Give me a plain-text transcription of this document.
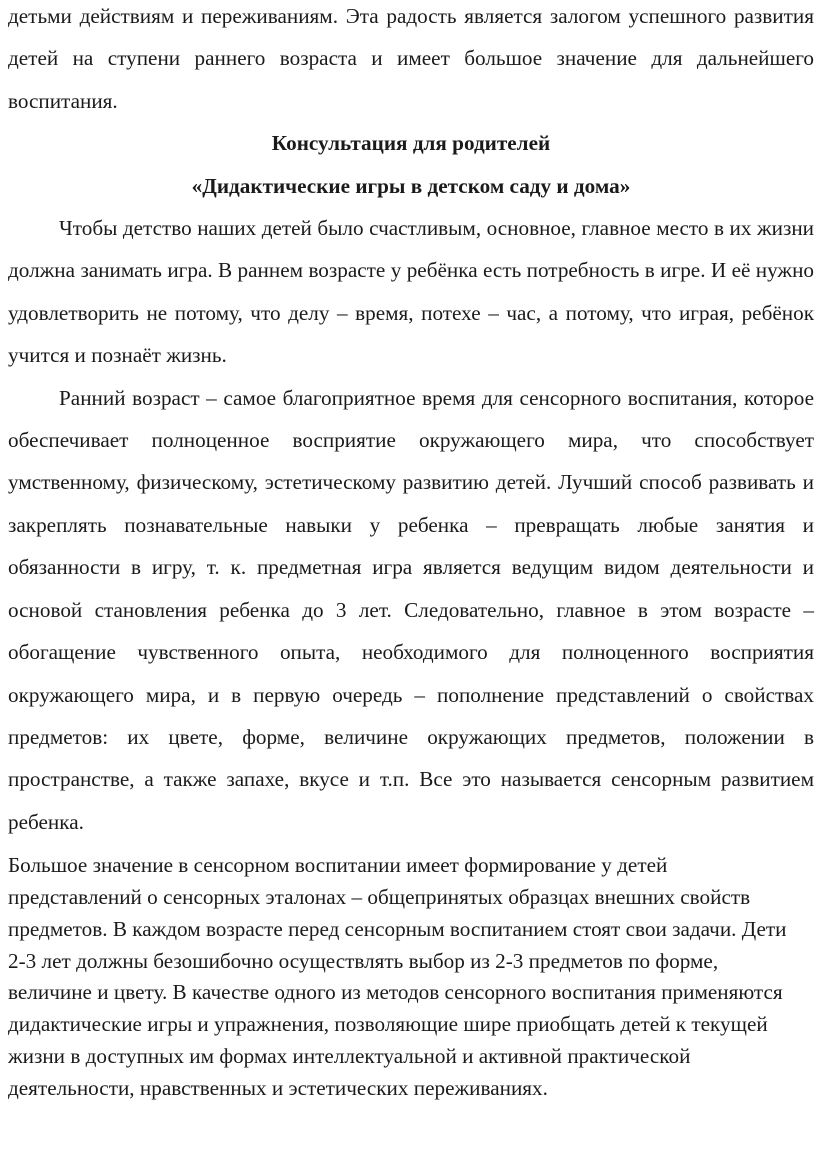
детьми действиям и переживаниям. Эта радость является залогом успешного развития детей на ступени раннего возраста и имеет большое значение для дальнейшего воспитания.

Консультация для родителей
«Дидактические игры в детском саду и дома»

Чтобы детство наших детей было счастливым, основное, главное место в их жизни должна занимать игра. В раннем возрасте у ребёнка есть потребность в игре. И её нужно удовлетворить не потому, что делу – время, потехе – час, а потому, что играя, ребёнок учится и познаёт жизнь.

Ранний возраст – самое благоприятное время для сенсорного воспитания, которое обеспечивает полноценное восприятие окружающего мира, что способствует умственному, физическому, эстетическому развитию детей. Лучший способ развивать и закреплять познавательные навыки у ребенка – превращать любые занятия и обязанности в игру, т. к. предметная игра является ведущим видом деятельности и основой становления ребенка до 3 лет. Следовательно, главное в этом возрасте – обогащение чувственного опыта, необходимого для полноценного восприятия окружающего мира, и в первую очередь – пополнение представлений о свойствах предметов: их цвете, форме, величине окружающих предметов, положении в пространстве, а также запахе, вкусе и т.п. Все это называется сенсорным развитием ребенка.

Большое значение в сенсорном воспитании имеет формирование у детей представлений о сенсорных эталонах – общепринятых образцах внешних свойств предметов. В каждом возрасте перед сенсорным воспитанием стоят свои задачи. Дети 2-3 лет должны безошибочно осуществлять выбор из 2-3 предметов по форме, величине и цвету. В качестве одного из методов сенсорного воспитания применяются дидактические игры и упражнения, позволяющие шире приобщать детей к текущей жизни в доступных им формах интеллектуальной и активной практической деятельности, нравственных и эстетических переживаниях.
